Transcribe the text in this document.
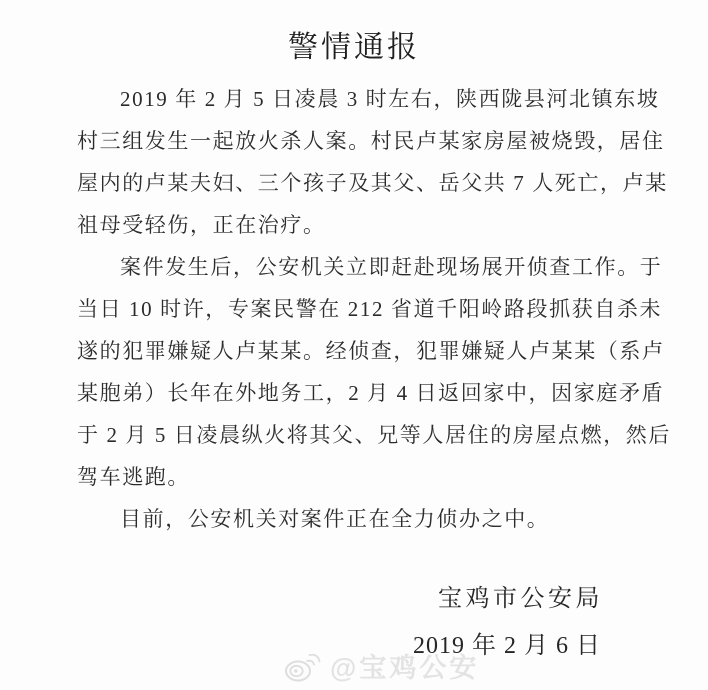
警情通报
2019 年 2 月 5 日凌晨 3 时左右，陕西陇县河北镇东坡
村三组发生一起放火杀人案。村民卢某家房屋被烧毁，居住
屋内的卢某夫妇、三个孩子及其父、岳父共 7 人死亡，卢某
祖母受轻伤，正在治疗。
案件发生后，公安机关立即赶赴现场展开侦查工作。于
当日 10 时许，专案民警在 212 省道千阳岭路段抓获自杀未
遂的犯罪嫌疑人卢某某。经侦查，犯罪嫌疑人卢某某（系卢
某胞弟）长年在外地务工，2 月 4 日返回家中，因家庭矛盾
于 2 月 5 日凌晨纵火将其父、兄等人居住的房屋点燃，然后
驾车逃跑。
目前，公安机关对案件正在全力侦办之中。
宝鸡市公安局
2019 年 2 月 6 日
@宝鸡公安
